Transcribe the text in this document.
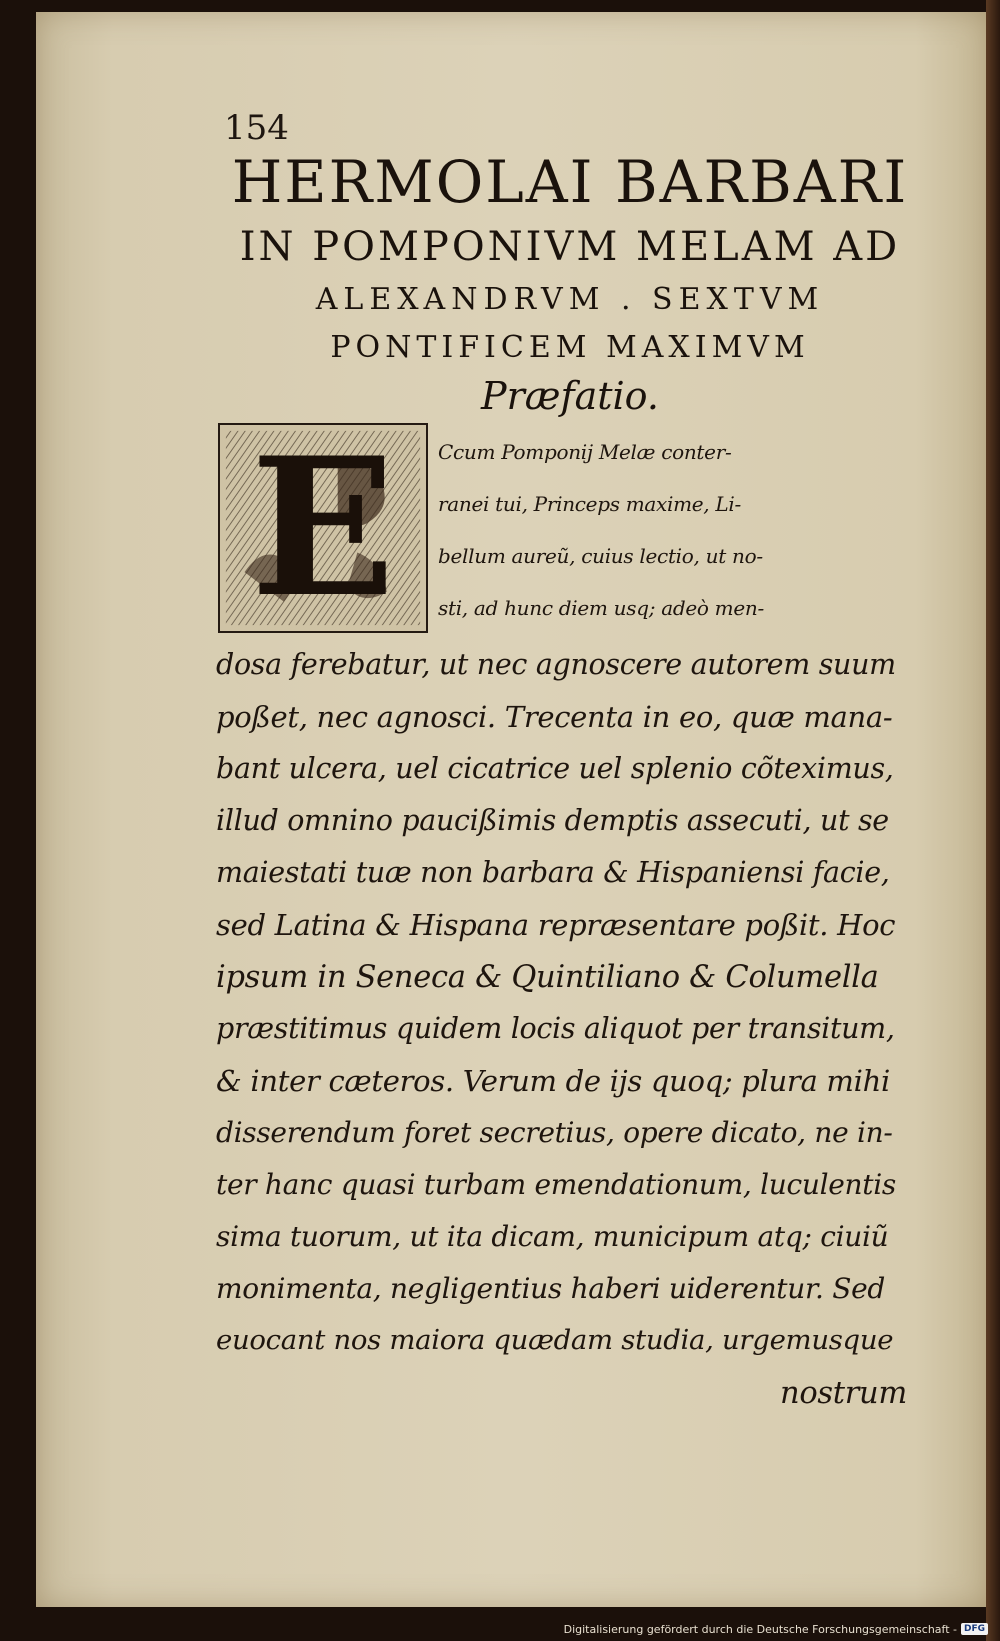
154
HERMOLAI BARBARI
IN POMPONIVM MELAM AD
ALEXANDRVM . SEXTVM
PONTIFICEM MAXIMVM
Præfatio.
E	Ccum Pomponij Melæ conter-
ranei tui, Princeps maxime, Li-
bellum aureũ, cuius lectio, ut no-
sti, ad hunc diem usq; adeò men-
dosa ferebatur, ut nec agnoscere autorem suum
poßet, nec agnosci. Trecenta in eo, quæ mana-
bant ulcera, uel cicatrice uel splenio cõteximus,
illud omnino paucißimis demptis assecuti, ut se
maiestati tuæ non barbara & Hispaniensi facie,
sed Latina & Hispana repræsentare poßit. Hoc
ipsum in Seneca & Quintiliano & Columella
præstitimus quidem locis aliquot per transitum,
& inter cæteros. Verum de ijs quoq; plura mihi
disserendum foret secretius, opere dicato, ne in-
ter hanc quasi turbam emendationum, luculentis
sima tuorum, ut ita dicam, municipum atq; ciuiũ
monimenta, negligentius haberi uiderentur. Sed
euocant nos maiora quædam studia, urgemusque
nostrum
Digitalisierung gefördert durch die Deutsche Forschungsgemeinschaft - DFG
